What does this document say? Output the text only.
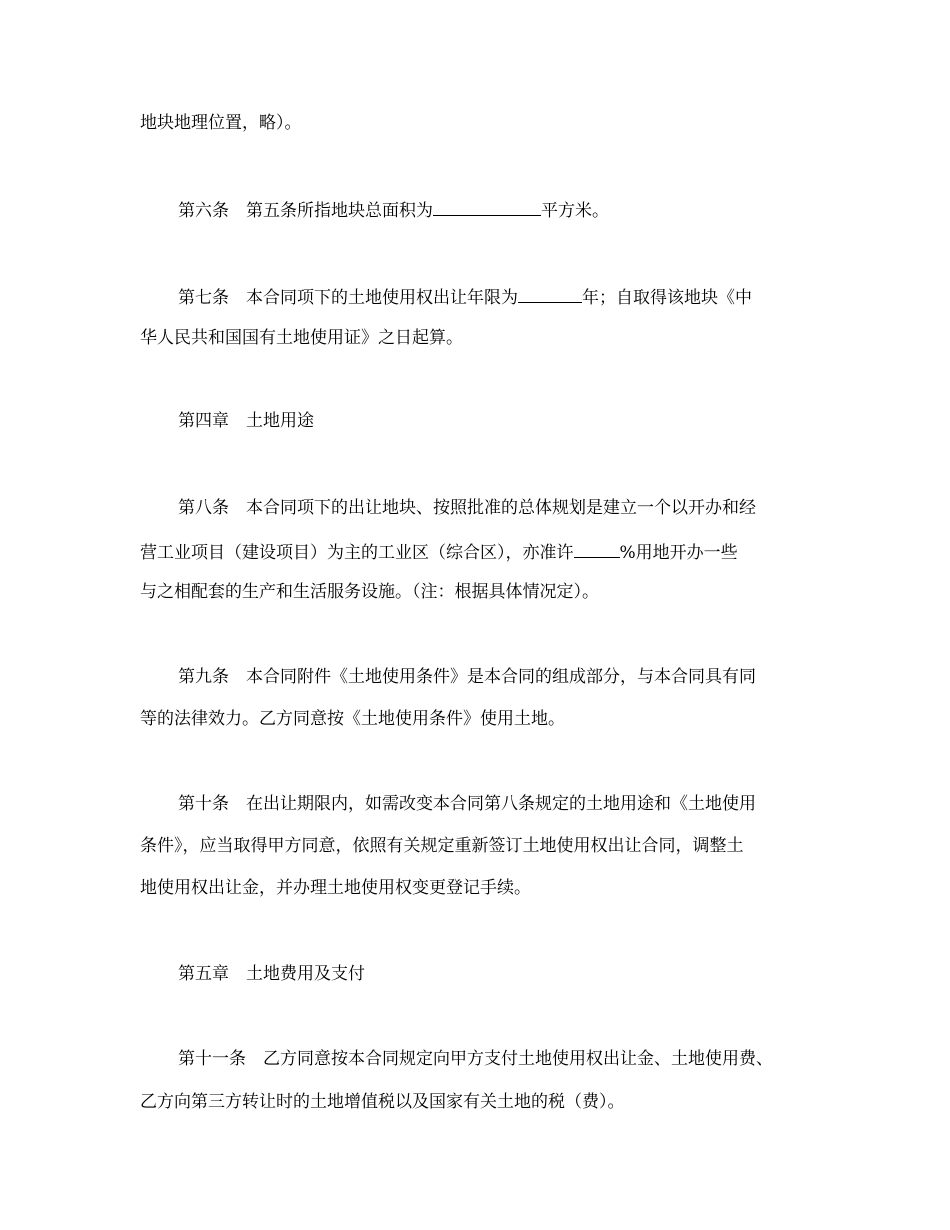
地块地理位置，略）。
第六条　第五条所指地块总面积为	平方米。
第七条　本合同项下的土地使用权出让年限为	年；自取得该地块《中
华人民共和国国有土地使用证》之日起算。
第四章　土地用途
第八条　本合同项下的出让地块、按照批准的总体规划是建立一个以开办和经
营工业项目（建设项目）为主的工业区（综合区），亦准许	%用地开办一些
与之相配套的生产和生活服务设施。（注：根据具体情况定）。
第九条　本合同附件《土地使用条件》是本合同的组成部分，与本合同具有同
等的法律效力。乙方同意按《土地使用条件》使用土地。
第十条　在出让期限内，如需改变本合同第八条规定的土地用途和《土地使用
条件》，应当取得甲方同意，依照有关规定重新签订土地使用权出让合同，调整土
地使用权出让金，并办理土地使用权变更登记手续。
第五章　土地费用及支付
第十一条　乙方同意按本合同规定向甲方支付土地使用权出让金、土地使用费、
乙方向第三方转让时的土地增值税以及国家有关土地的税（费）。
